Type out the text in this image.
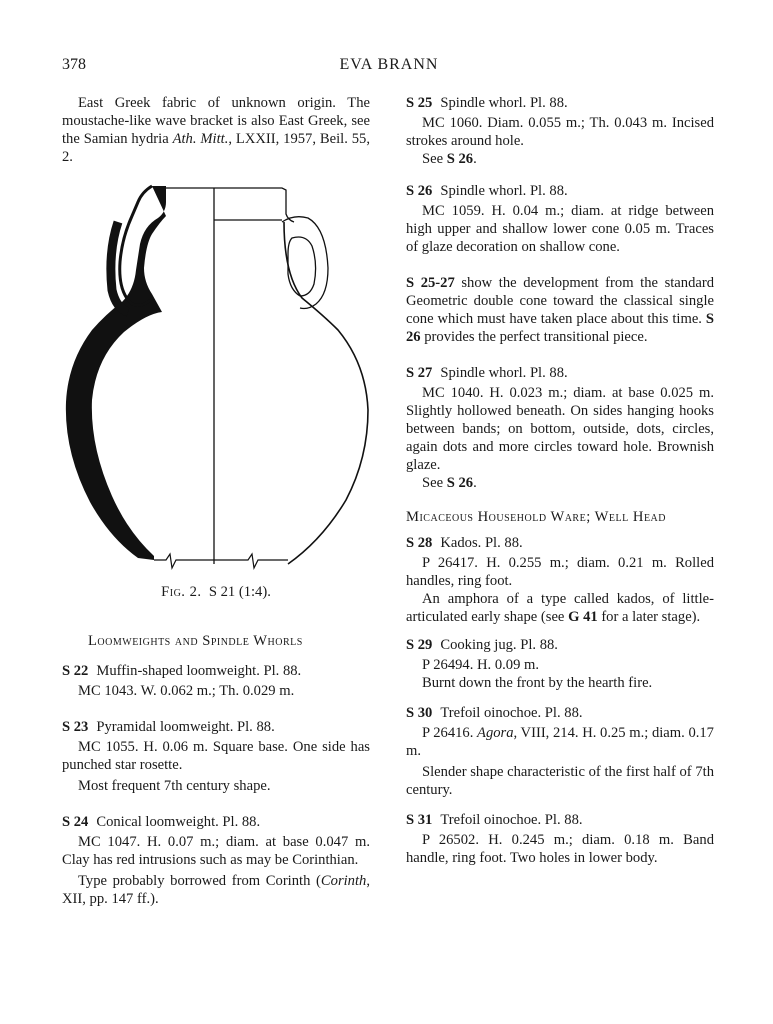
378	EVA BRANN

East Greek fabric of unknown origin. The moustache-like wave bracket is also East Greek, see the Samian hydria Ath. Mitt., LXXII, 1957, Beil. 55, 2.

Fig. 2. S 21 (1:4).

Loomweights and Spindle Whorls

S 22 Muffin-shaped loomweight. Pl. 88.

MC 1043. W. 0.062 m.; Th. 0.029 m.

S 23 Pyramidal loomweight. Pl. 88.

MC 1055. H. 0.06 m. Square base. One side has punched star rosette.

Most frequent 7th century shape.

S 24 Conical loomweight. Pl. 88.

MC 1047. H. 0.07 m.; diam. at base 0.047 m. Clay has red intrusions such as may be Corinthian.

Type probably borrowed from Corinth (Corinth, XII, pp. 147 ff.).

S 25 Spindle whorl. Pl. 88.

MC 1060. Diam. 0.055 m.; Th. 0.043 m. Incised strokes around hole.

See S 26.

S 26 Spindle whorl. Pl. 88.

MC 1059. H. 0.04 m.; diam. at ridge between high upper and shallow lower cone 0.05 m. Traces of glaze decoration on shallow cone.

S 25-27 show the development from the standard Geometric double cone toward the classical single cone which must have taken place about this time. S 26 provides the perfect transitional piece.

S 27 Spindle whorl. Pl. 88.

MC 1040. H. 0.023 m.; diam. at base 0.025 m. Slightly hollowed beneath. On sides hanging hooks between bands; on bottom, outside, dots, circles, again dots and more circles toward hole. Brownish glaze.

See S 26.

Micaceous Household Ware; Well Head

S 28 Kados. Pl. 88.

P 26417. H. 0.255 m.; diam. 0.21 m. Rolled handles, ring foot.

An amphora of a type called kados, of little-articulated early shape (see G 41 for a later stage).

S 29 Cooking jug. Pl. 88.

P 26494. H. 0.09 m.

Burnt down the front by the hearth fire.

S 30 Trefoil oinochoe. Pl. 88.

P 26416. Agora, VIII, 214. H. 0.25 m.; diam. 0.17 m.

Slender shape characteristic of the first half of 7th century.

S 31 Trefoil oinochoe. Pl. 88.

P 26502. H. 0.245 m.; diam. 0.18 m. Band handle, ring foot. Two holes in lower body.
